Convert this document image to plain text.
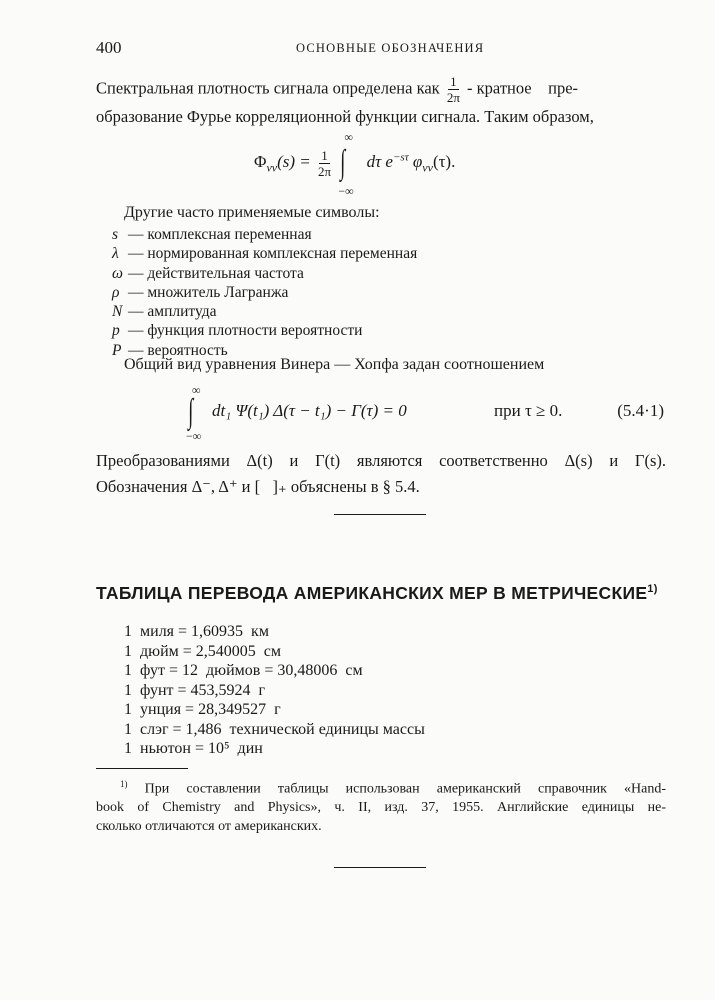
400	ОСНОВНЫЕ ОБОЗНАЧЕНИЯ
Спектральная плотность сигнала определена как $\frac{1}{2\pi}$ - кратное    пре-
образование Фурье корреляционной функции сигнала. Таким образом,
$\Phi_{vv}(s) = \frac{1}{2\pi}$ ∫
∞
−∞
dτ $e^{-s\tau}$ $\varphi_{vv}(\tau)$.
Другие часто применяемые символы:
s — комплексная переменная
λ — нормированная комплексная переменная
ω — действительная частота
ρ — множитель Лагранжа
N — амплитуда
p — функция плотности вероятности
P — вероятность
Общий вид уравнения Винера — Хопфа задан соотношением
∫
∞
−∞
dt₁ Ψ(t₁) Δ(τ − t₁) − Γ(τ) = 0	при τ ≥ 0.	(5.4·1)
Преобразованиями Δ(t) и Γ(t) являются соответственно Δ(s) и Γ(s).
Обозначения Δ⁻, Δ⁺ и [   ]₊ объяснены в § 5.4.
ТАБЛИЦА ПЕРЕВОДА АМЕРИКАНСКИХ МЕР В МЕТРИЧЕСКИЕ$^{1)}$
1  миля = 1,60935  км
1  дюйм = 2,540005  см
1  фут = 12  дюймов = 30,48006  см
1  фунт = 453,5924  г
1  унция = 28,349527  г
1  слэг = 1,486  технической единицы массы
1  ньютон = 10⁵  дин
$^{1)}$ При составлении таблицы использован американский справочник «Hand-
book of Chemistry and Physics», ч. II, изд. 37, 1955. Английские единицы не-
сколько отличаются от американских.
